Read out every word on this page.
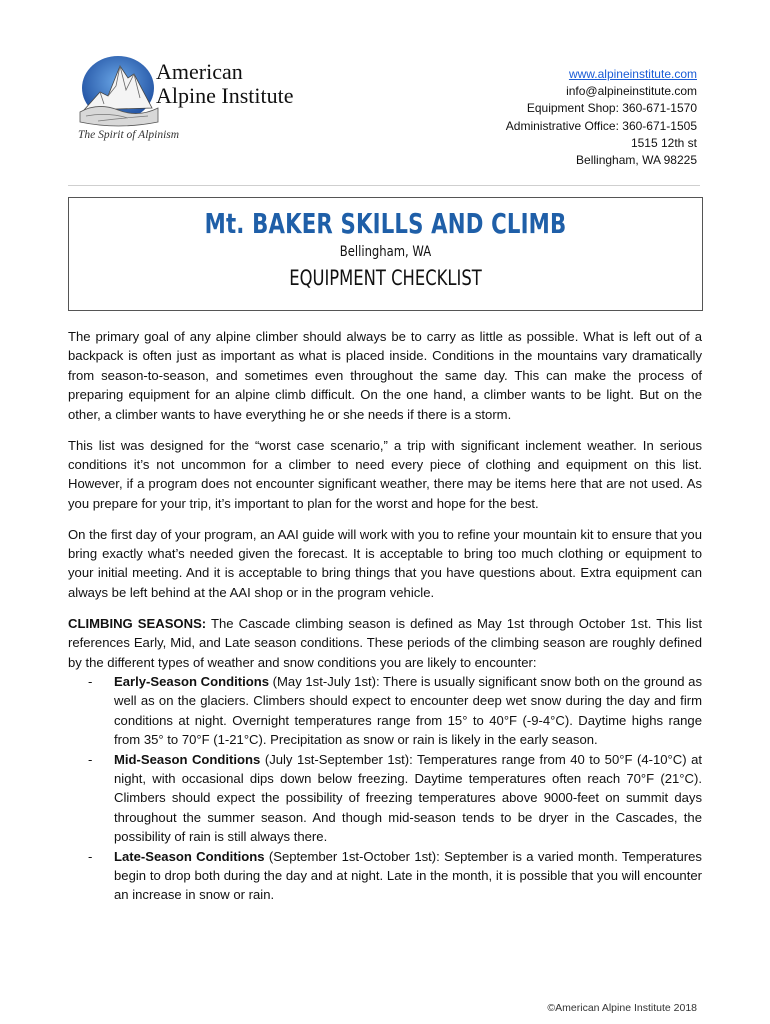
American
Alpine Institute
The Spirit of Alpinism
www.alpineinstitute.com
info@alpineinstitute.com
Equipment Shop: 360-671-1570
Administrative Office: 360-671-1505
1515 12th st
Bellingham, WA 98225
Mt. BAKER SKILLS AND CLIMB
Bellingham, WA
EQUIPMENT CHECKLIST

The primary goal of any alpine climber should always be to carry as little as possible. What is left out of a backpack is often just as important as what is placed inside. Conditions in the mountains vary dramatically from season-to-season, and sometimes even throughout the same day. This can make the process of preparing equipment for an alpine climb difficult. On the one hand, a climber wants to be light. But on the other, a climber wants to have everything he or she needs if there is a storm.

This list was designed for the “worst case scenario,” a trip with significant inclement weather. In serious conditions it’s not uncommon for a climber to need every piece of clothing and equipment on this list. However, if a program does not encounter significant weather, there may be items here that are not used. As you prepare for your trip, it’s important to plan for the worst and hope for the best.

On the first day of your program, an AAI guide will work with you to refine your mountain kit to ensure that you bring exactly what’s needed given the forecast. It is acceptable to bring too much clothing or equipment to your initial meeting. And it is acceptable to bring things that you have questions about. Extra equipment can always be left behind at the AAI shop or in the program vehicle.

CLIMBING SEASONS: The Cascade climbing season is defined as May 1st through October 1st. This list references Early, Mid, and Late season conditions. These periods of the climbing season are roughly defined by the different types of weather and snow conditions you are likely to encounter:

-	Early-Season Conditions (May 1st-July 1st): There is usually significant snow both on the ground as well as on the glaciers. Climbers should expect to encounter deep wet snow during the day and firm conditions at night. Overnight temperatures range from 15° to 40°F (-9-4°C). Daytime highs range from 35° to 70°F (1-21°C). Precipitation as snow or rain is likely in the early season.
-	Mid-Season Conditions (July 1st-September 1st): Temperatures range from 40 to 50°F (4-10°C) at night, with occasional dips down below freezing. Daytime temperatures often reach 70°F (21°C). Climbers should expect the possibility of freezing temperatures above 9000-feet on summit days throughout the summer season. And though mid-season tends to be dryer in the Cascades, the possibility of rain is still always there.
-	Late-Season Conditions (September 1st-October 1st): September is a varied month. Temperatures begin to drop both during the day and at night. Late in the month, it is possible that you will encounter an increase in snow or rain.
©American Alpine Institute 2018
